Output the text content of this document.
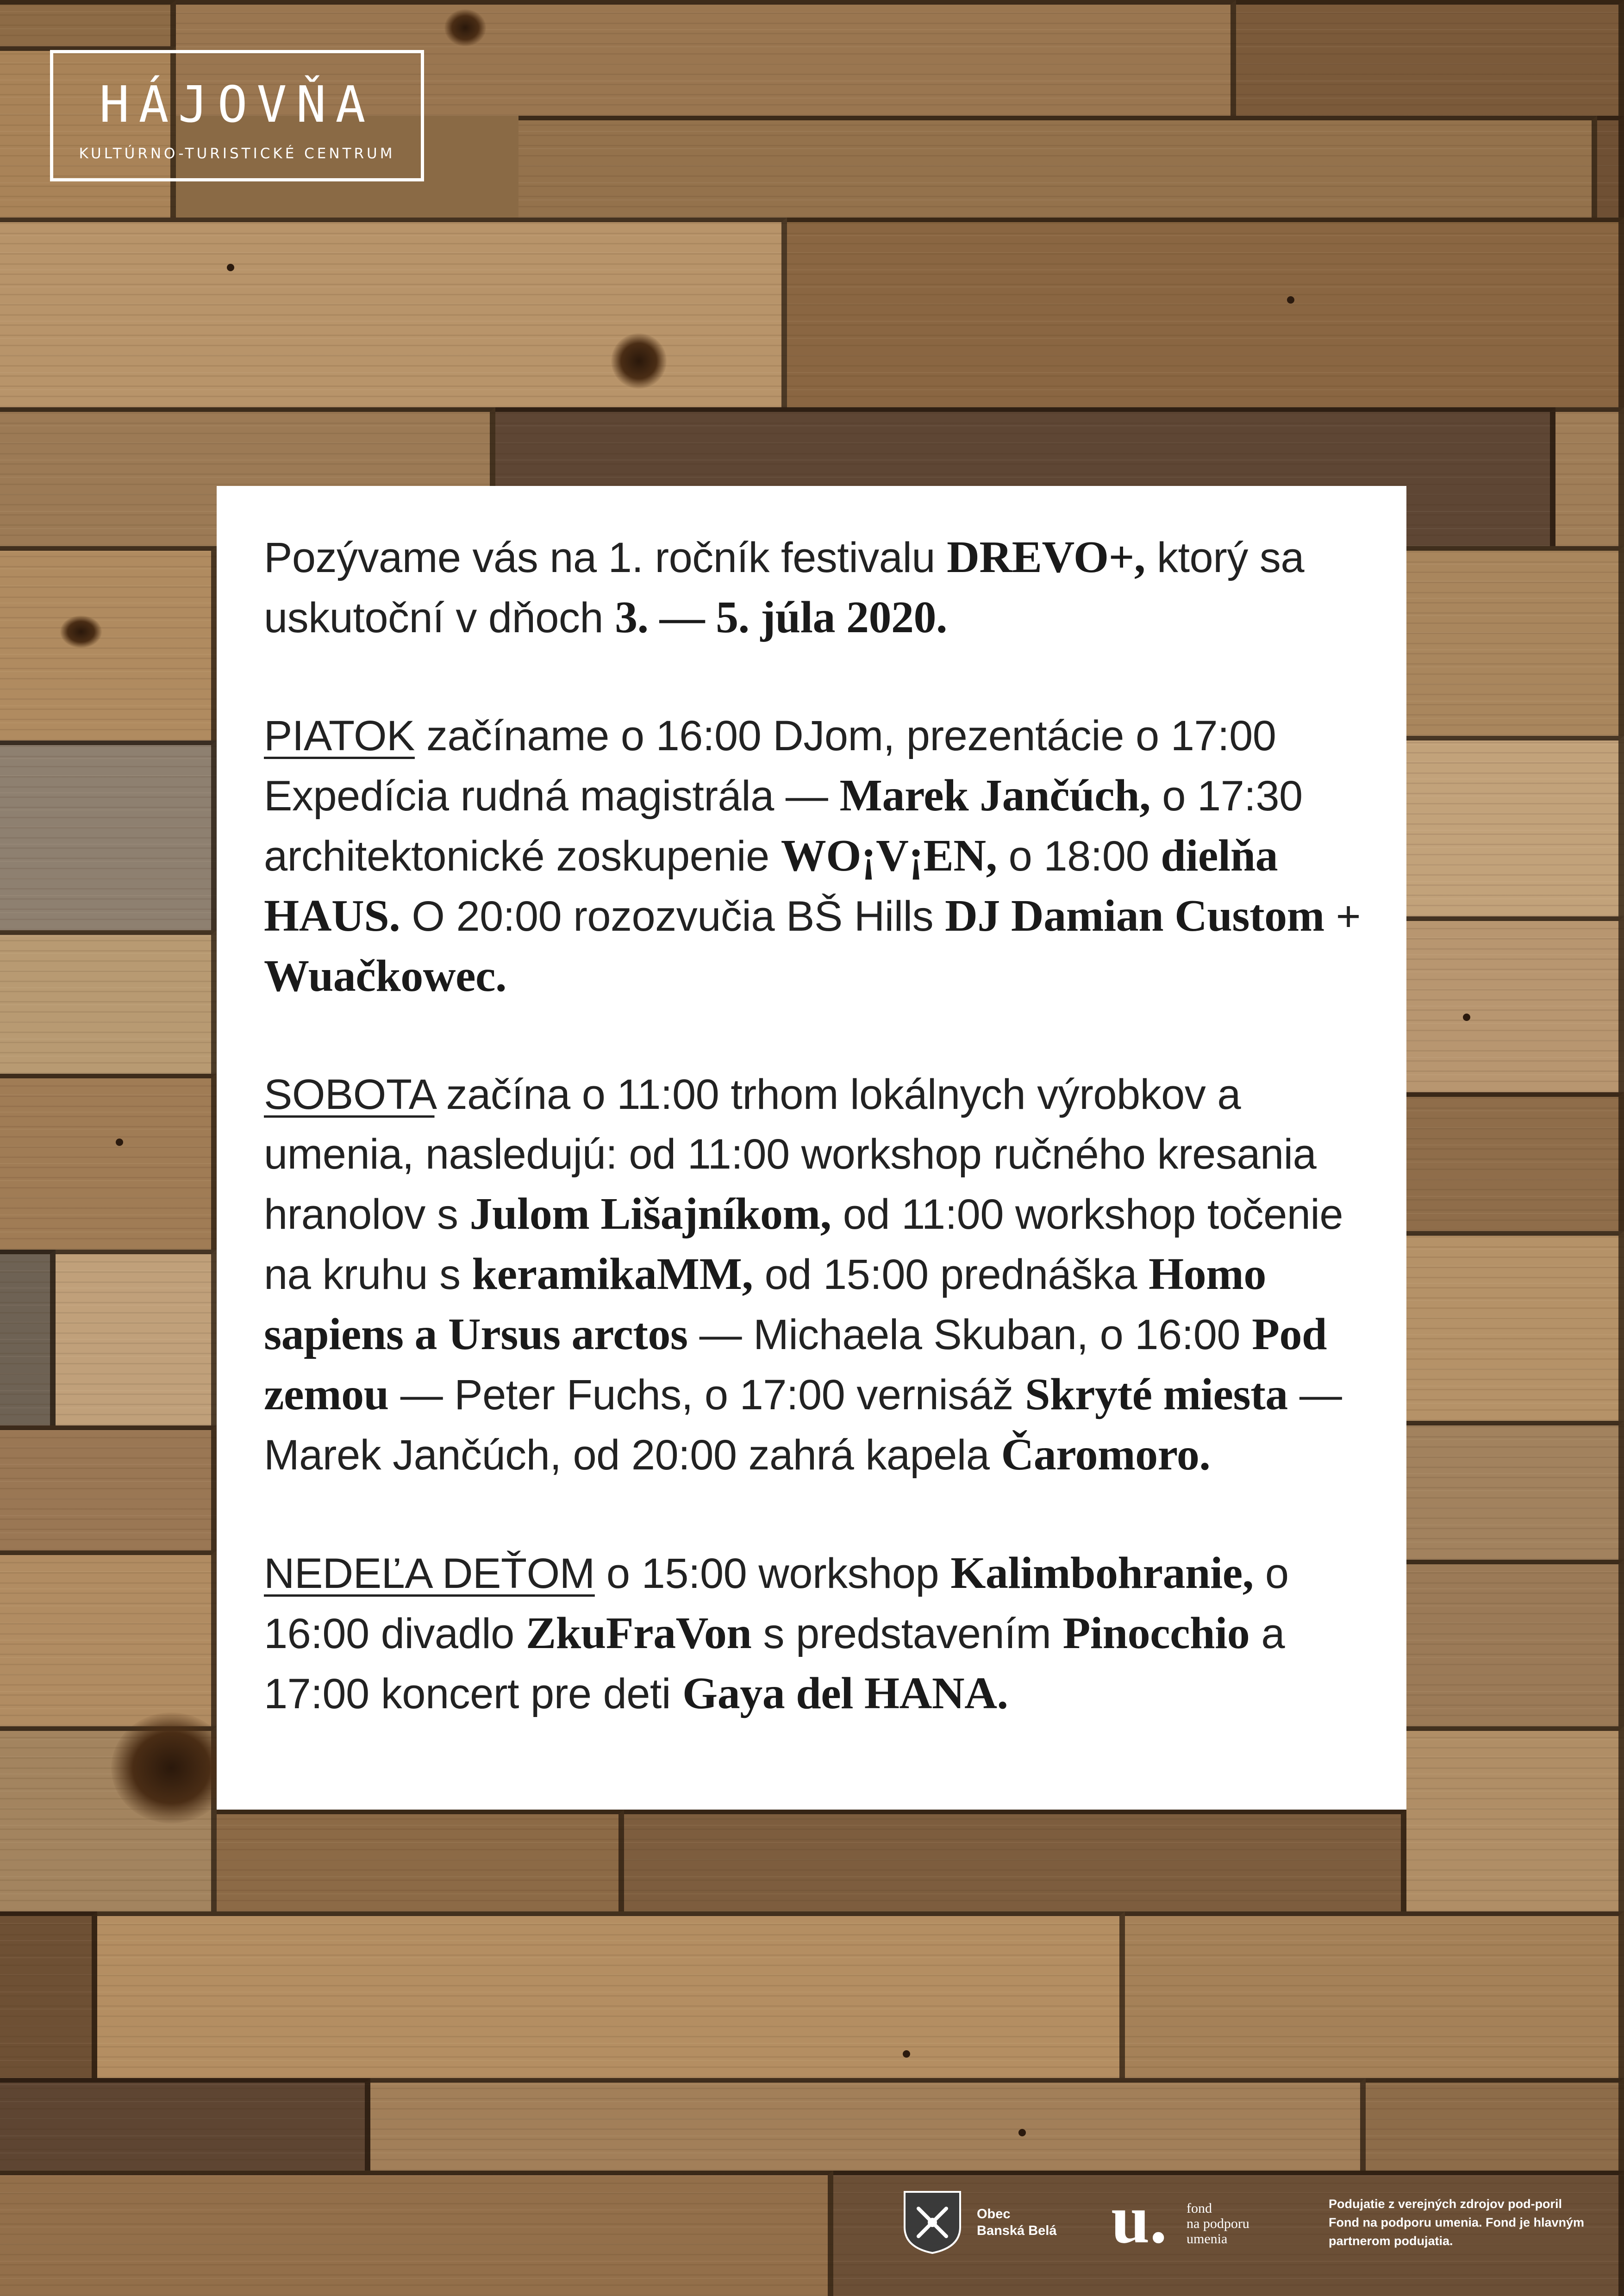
HÁJOVŇA
KULTÚRNO-TURISTICKÉ CENTRUM

Pozývame vás na 1. ročník festivalu DREVO+, ktorý sa uskutoční v dňoch 3. — 5. júla 2020.

PIATOK začíname o 16:00 DJom, prezentácie o 17:00 Expedícia rudná magistrála — Marek Jančúch, o 17:30 architektonické zoskupenie WO¡V¡EN, o 18:00 dielňa HAUS. O 20:00 rozozvučia BŠ Hills DJ Damian Custom + Wuačkowec.

SOBOTA začína o 11:00 trhom lokálnych výrobkov a umenia, nasledujú: od 11:00 workshop ručného kresania hranolov s Julom Lišajníkom, od 11:00 workshop točenie na kruhu s keramikaMM, od 15:00 prednáška Homo sapiens a Ursus arctos — Michaela Skuban, o 16:00 Pod zemou — Peter Fuchs, o 17:00 vernisáž Skryté miesta — Marek Jančúch, od 20:00 zahrá kapela Čaromoro.

NEDEĽA DEŤOM o 15:00 workshop Kalimbohranie, o 16:00 divadlo ZkuFraVon s predstavením Pinocchio a 17:00 koncert pre deti Gaya del HANA.

Obec
Banská Belá u. fond
na podporu
umenia
Podujatie z verejných zdrojov pod-poril Fond na podporu umenia. Fond je hlavným partnerom podujatia.
